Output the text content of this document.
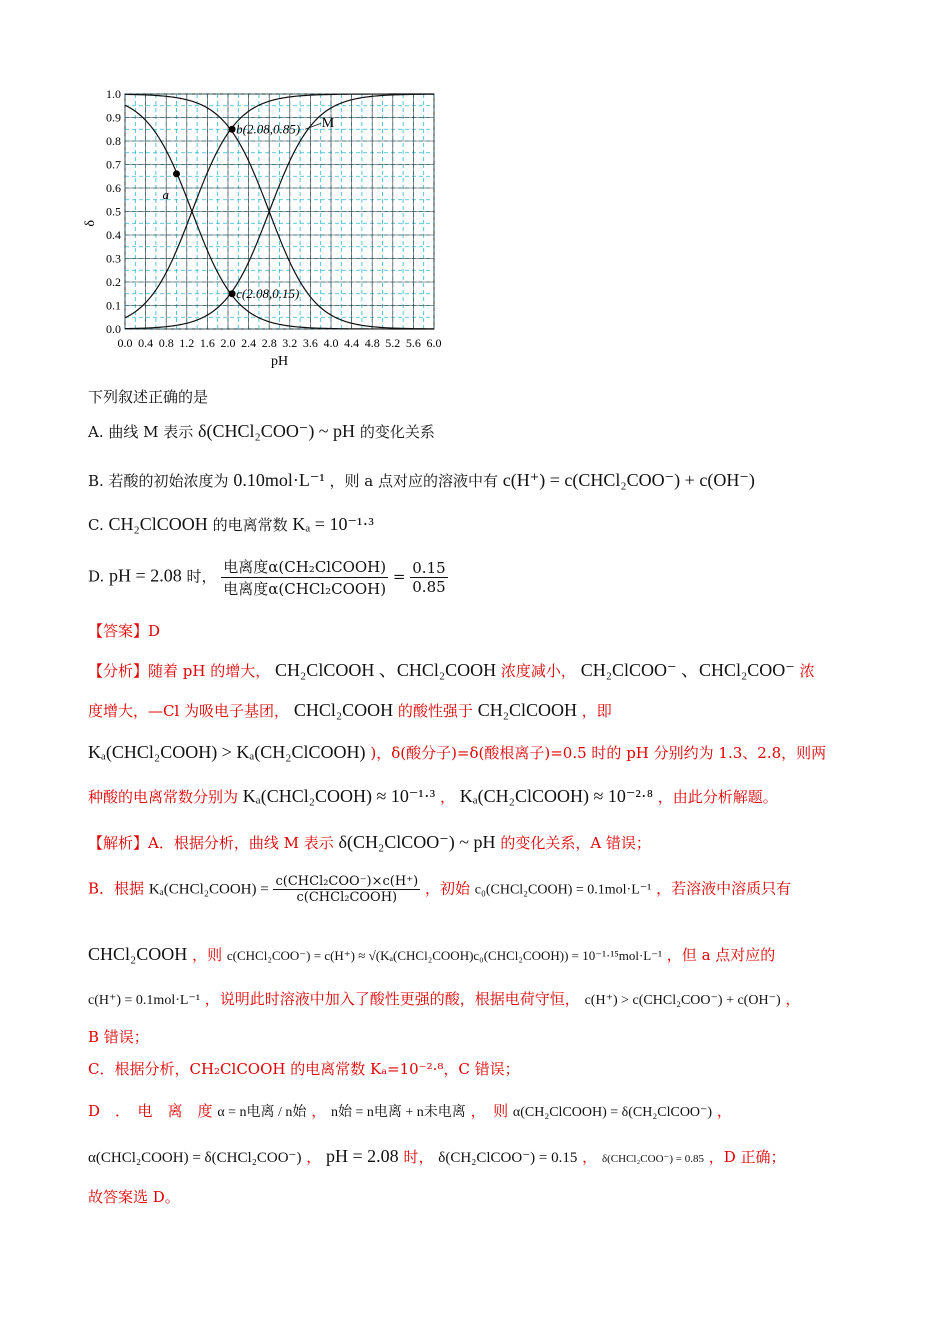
0.0 0.4 0.8 1.2 1.6 2.0 2.4 2.8 3.2 3.6 4.0 4.4 4.8 5.2 5.6 6.0
0.0
0.1
0.2
0.3
0.4
0.5
0.6
0.7
0.8
0.9
1.0
a
b(2.08,0.85)
c(2.08,0.15)
M
pH
δ
下列叙述正确的是
A. 曲线 M 表示 δ(CHCl₂COO⁻) ~ pH 的变化关系
B. 若酸的初始浓度为 0.10mol·L⁻¹ ，则 a 点对应的溶液中有 c(H⁺) = c(CHCl₂COO⁻) + c(OH⁻)
C. CH₂ClCOOH 的电离常数 Kₐ = 10⁻¹·³
D. pH = 2.08 时， $\frac{\text{电离度α(CH₂ClCOOH)}}{\text{电离度α(CHCl₂COOH)}} = \frac{0.15}{0.85}$
【答案】D
【分析】随着 pH 的增大， CH₂ClCOOH 、CHCl₂COOH 浓度减小， CH₂ClCOO⁻ 、CHCl₂COO⁻ 浓
度增大，—Cl 为吸电子基团， CHCl₂COOH 的酸性强于 CH₂ClCOOH ，即
Kₐ(CHCl₂COOH) > Kₐ(CH₂ClCOOH) )，δ(酸分子)=δ(酸根离子)=0.5 时的 pH 分别约为 1.3、2.8，则两
种酸的电离常数分别为 Kₐ(CHCl₂COOH) ≈ 10⁻¹·³ ， Kₐ(CH₂ClCOOH) ≈ 10⁻²·⁸ ，由此分析解题。
【解析】A．根据分析，曲线 M 表示 δ(CH₂ClCOO⁻) ~ pH 的变化关系，A 错误；
B．根据 Kₐ(CHCl₂COOH) = $\frac{\text{c(CHCl₂COO⁻)×c(H⁺)}}{\text{c(CHCl₂COOH)}}$ ，初始 c₀(CHCl₂COOH) = 0.1mol·L⁻¹ ，若溶液中溶质只有
CHCl₂COOH ，则 c(CHCl₂COO⁻) = c(H⁺) ≈ √(Kₐ(CHCl₂COOH)c₀(CHCl₂COOH)) = 10⁻¹·¹⁵mol·L⁻¹ ，但 a 点对应的
c(H⁺) = 0.1mol·L⁻¹ ，说明此时溶液中加入了酸性更强的酸，根据电荷守恒， c(H⁺) > c(CHCl₂COO⁻) + c(OH⁻) ，
B 错误；
C．根据分析，CH₂ClCOOH 的电离常数 Kₐ=10⁻²·⁸，C 错误；
D　．　电　离　度 α = n电离 / n始 ， n始 = n电离 + n未电离 ，　则 α(CH₂ClCOOH) = δ(CH₂ClCOO⁻) ，
α(CHCl₂COOH) = δ(CHCl₂COO⁻) ， pH = 2.08 时， δ(CH₂ClCOO⁻) = 0.15 ， δ(CHCl₂COO⁻) = 0.85 ，D 正确；
故答案选 D。
